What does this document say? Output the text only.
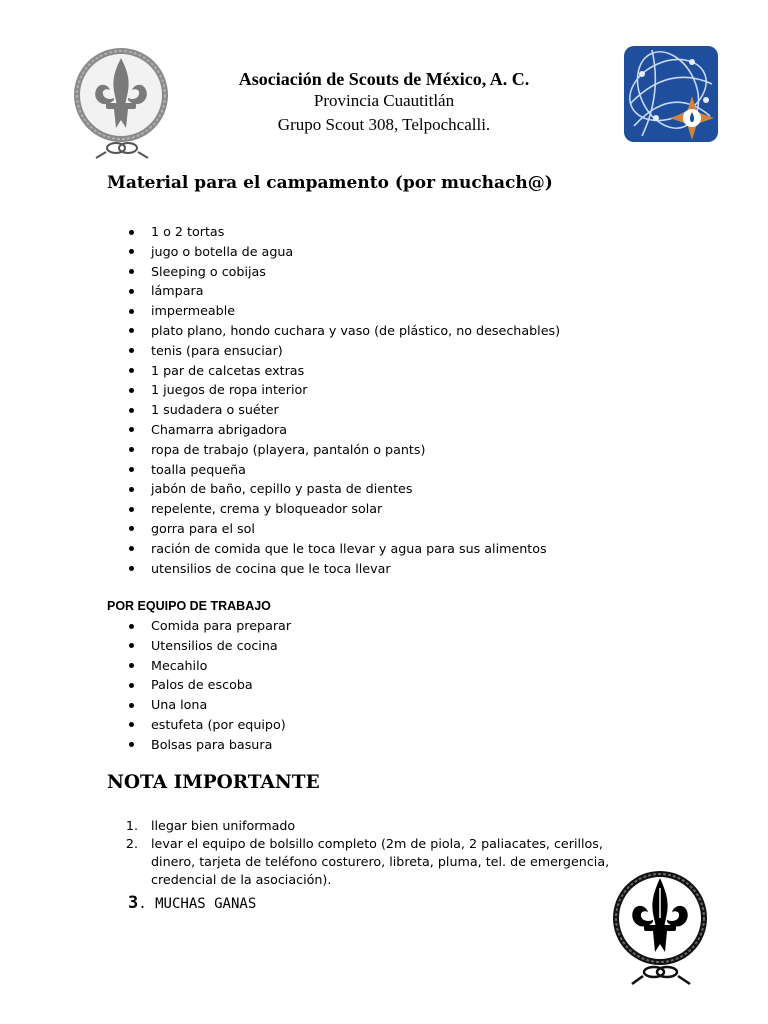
Asociación de Scouts de México, A. C.
Provincia Cuautitlán
Grupo Scout 308, Telpochcalli.
Material para el campamento (por muchach@)
1 o 2 tortas
jugo o botella de agua
Sleeping o cobijas
lámpara
impermeable
plato plano, hondo cuchara y vaso (de plástico, no desechables)
tenis (para ensuciar)
1 par de calcetas extras
1 juegos de ropa interior
1 sudadera o suéter
Chamarra abrigadora
ropa de trabajo (playera, pantalón o pants)
toalla pequeña
jabón de baño, cepillo y pasta de dientes
repelente, crema y bloqueador solar
gorra para el sol
ración de comida que le toca llevar y agua para sus alimentos
utensilios de cocina que le toca llevar
POR EQUIPO DE TRABAJO
Comida para preparar
Utensilios de cocina
Mecahilo
Palos de escoba
Una lona
estufeta (por equipo)
Bolsas para basura
NOTA IMPORTANTE
1. llegar bien uniformado
2. levar el equipo de bolsillo completo (2m de piola, 2 paliacates, cerillos, dinero, tarjeta de teléfono costurero, libreta, pluma, tel. de emergencia, credencial de la asociación).
3. MUCHAS GANAS
